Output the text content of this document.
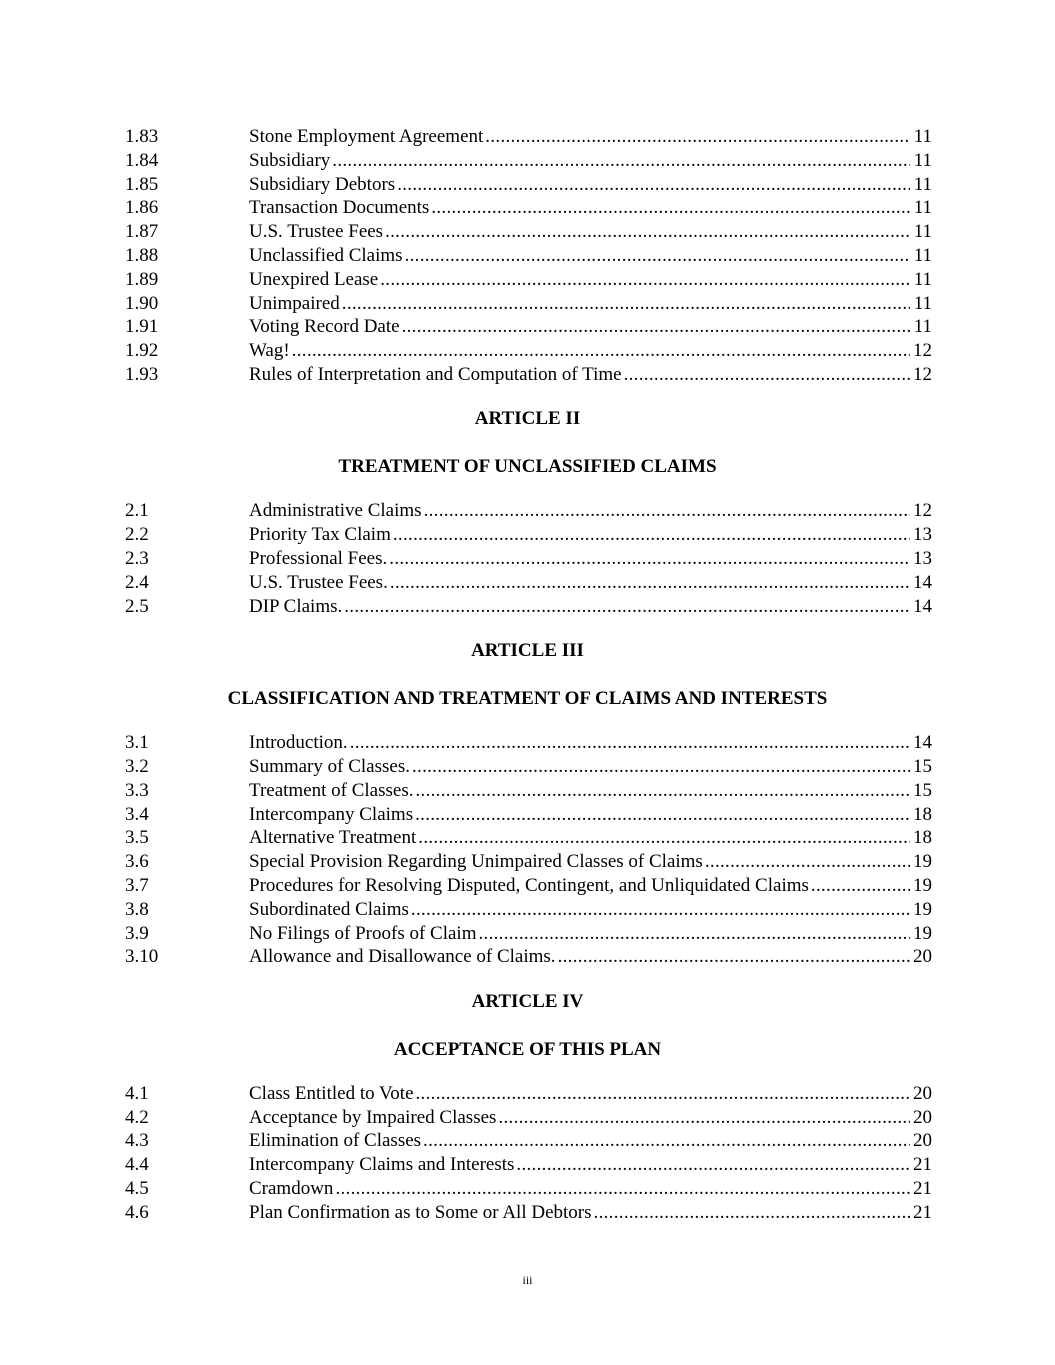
1.83	Stone Employment Agreement .....	11
1.84	Subsidiary .....	11
1.85	Subsidiary Debtors .....	11
1.86	Transaction Documents .....	11
1.87	U.S. Trustee Fees .....	11
1.88	Unclassified Claims .....	11
1.89	Unexpired Lease .....	11
1.90	Unimpaired .....	11
1.91	Voting Record Date .....	11
1.92	Wag! .....	12
1.93	Rules of Interpretation and Computation of Time .....	12
ARTICLE II
TREATMENT OF UNCLASSIFIED CLAIMS
2.1	Administrative Claims .....	12
2.2	Priority Tax Claim .....	13
2.3	Professional Fees. .....	13
2.4	U.S. Trustee Fees. .....	14
2.5	DIP Claims. .....	14
ARTICLE III
CLASSIFICATION AND TREATMENT OF CLAIMS AND INTERESTS
3.1	Introduction. .....	14
3.2	Summary of Classes. .....	15
3.3	Treatment of Classes. .....	15
3.4	Intercompany Claims .....	18
3.5	Alternative Treatment .....	18
3.6	Special Provision Regarding Unimpaired Classes of Claims .....	19
3.7	Procedures for Resolving Disputed, Contingent, and Unliquidated Claims .....	19
3.8	Subordinated Claims .....	19
3.9	No Filings of Proofs of Claim .....	19
3.10	Allowance and Disallowance of Claims. .....	20
ARTICLE IV
ACCEPTANCE OF THIS PLAN
4.1	Class Entitled to Vote .....	20
4.2	Acceptance by Impaired Classes .....	20
4.3	Elimination of Classes .....	20
4.4	Intercompany Claims and Interests .....	21
4.5	Cramdown .....	21
4.6	Plan Confirmation as to Some or All Debtors .....	21
iii
